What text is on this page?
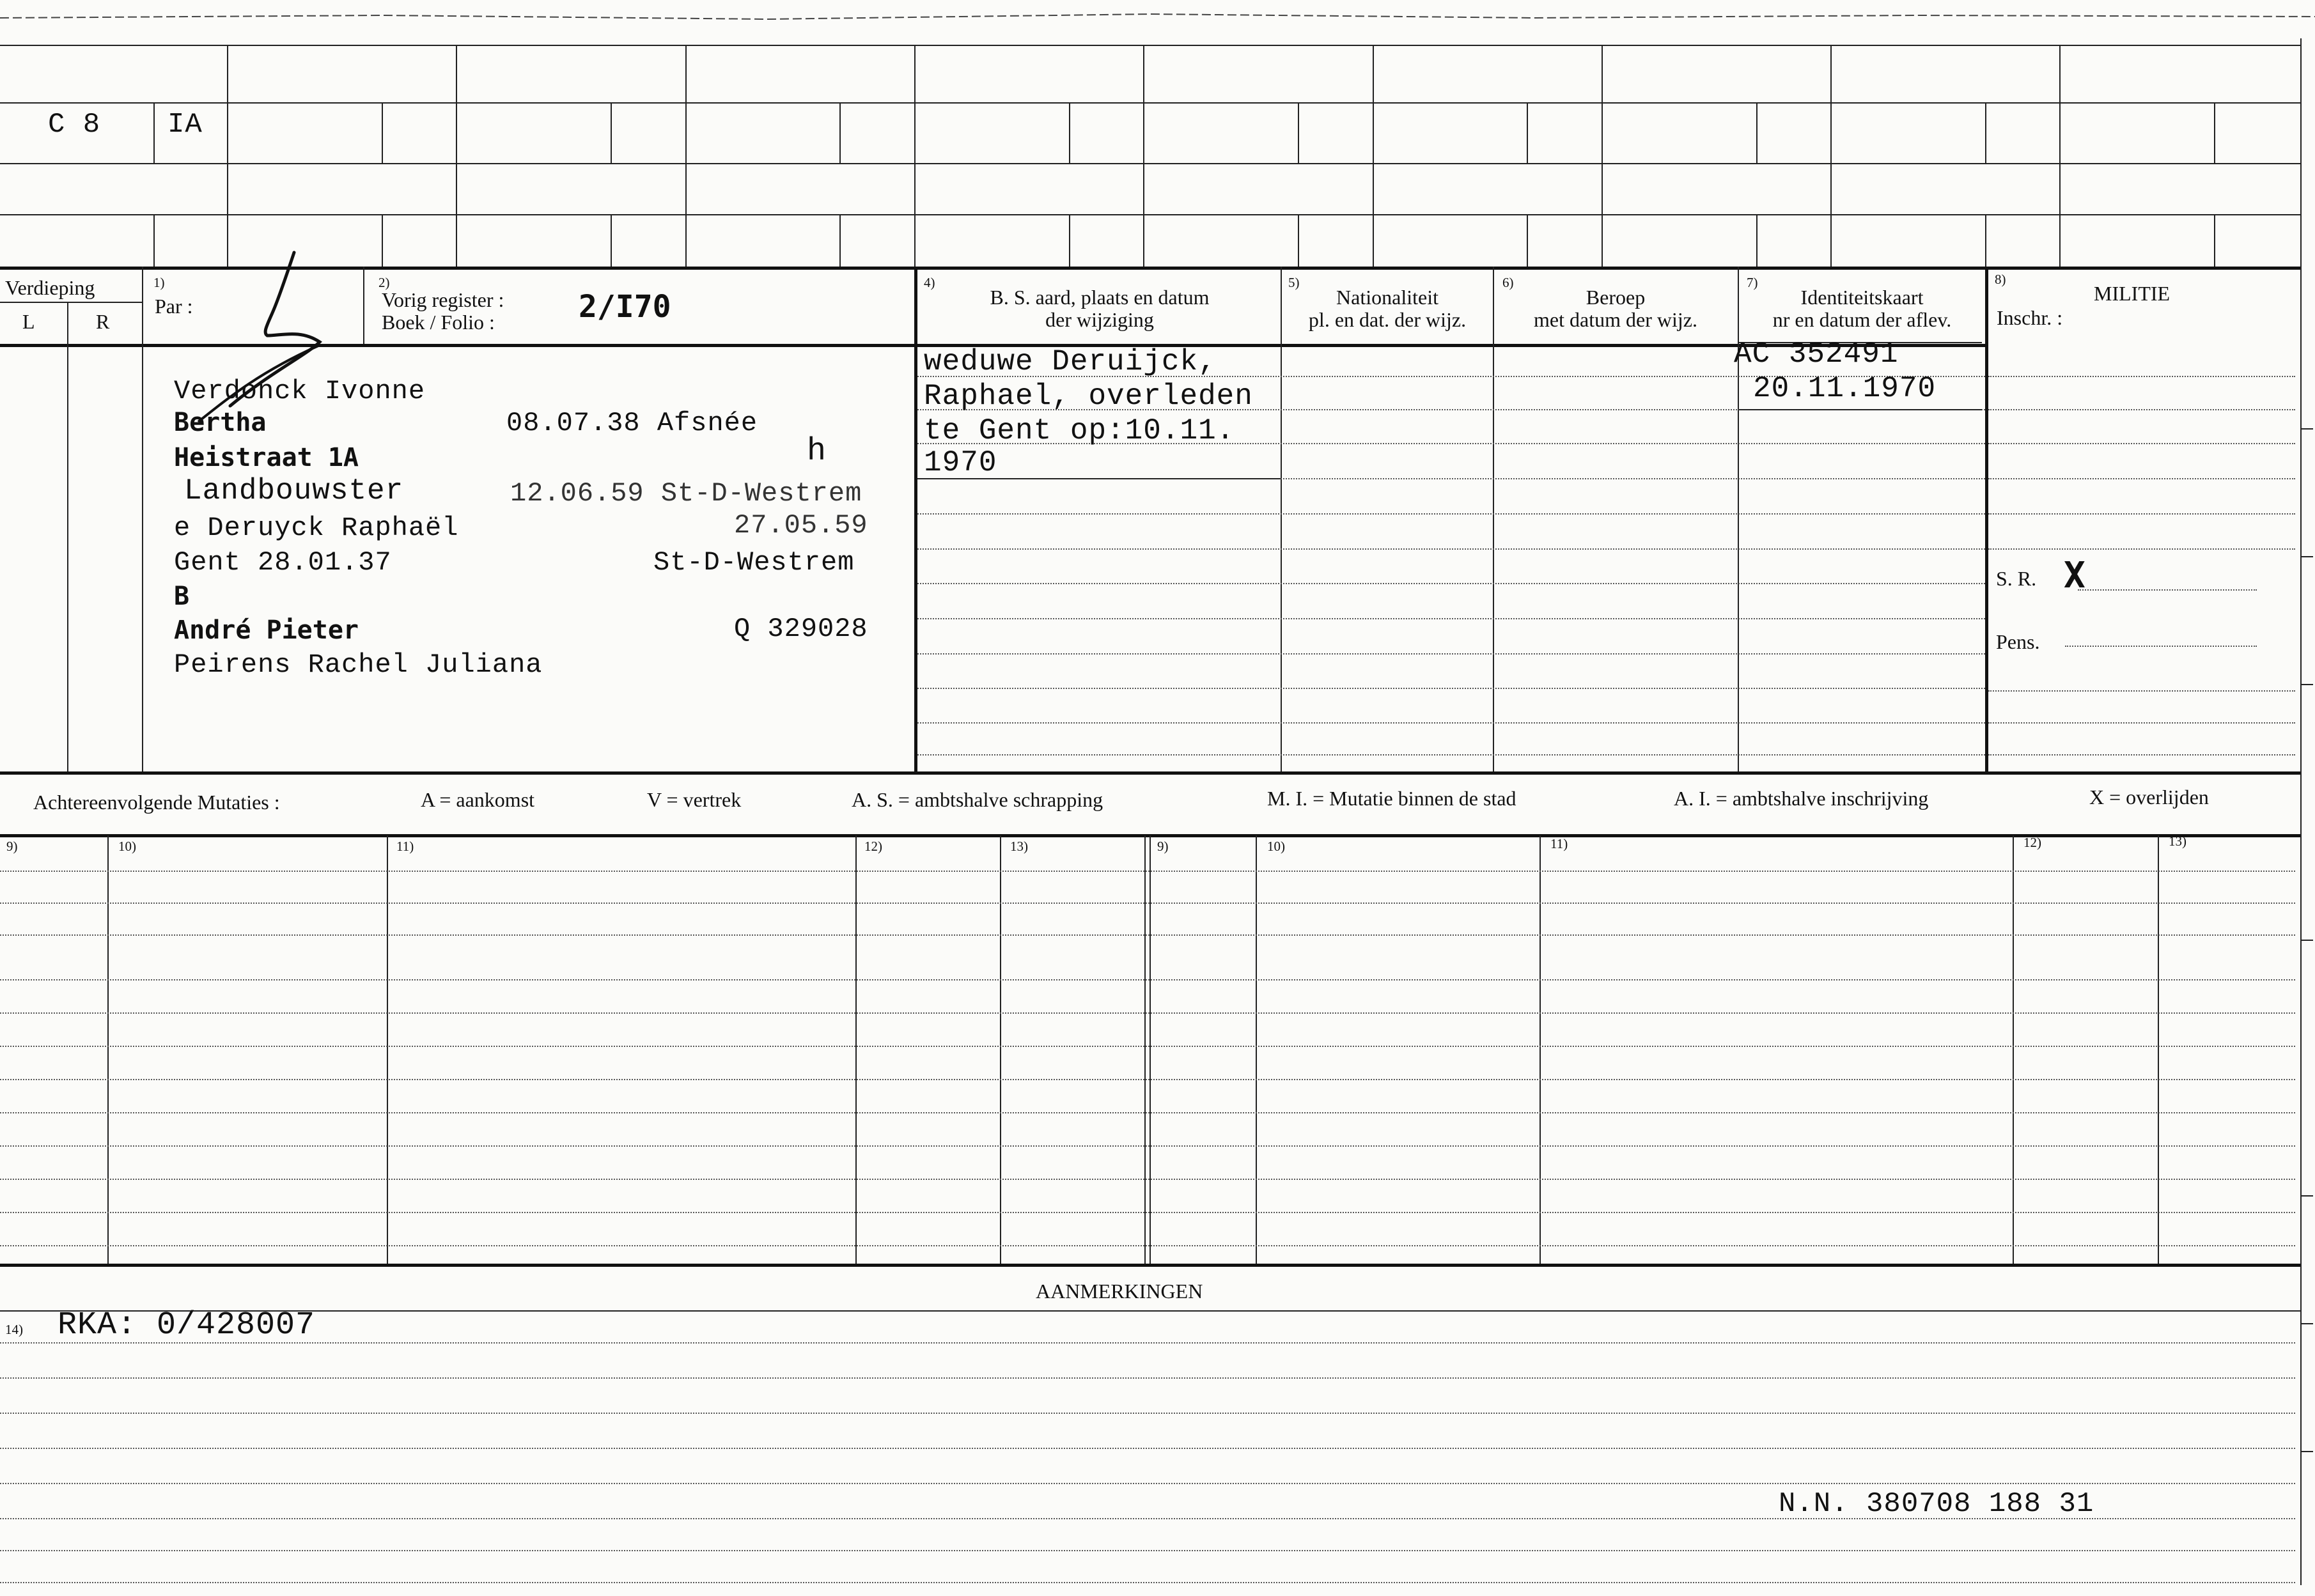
C 8 IA
Verdieping
L	R
1)
Par :
2)
Vorig register :
Boek / Folio :	2/I70
4)
B. S. aard, plaats en datum
der wijziging
5)
Nationaliteit
pl. en dat. der wijz.
6)
Beroep
met datum der wijz.
7)
Identiteitskaart
nr en datum der aflev.
8)
MILITIE
Inschr. :
Verdonck Ivonne
Bertha	08.07.38 Afsnée
Heistraat 1A	h
Landbouwster	12.06.59 St-D-Westrem
e Deruyck Raphaël	27.05.59
Gent 28.01.37	St-D-Westrem
B
André Pieter	Q 329028
Peirens Rachel Juliana
weduwe Deruijck,
Raphael, overleden
te Gent op:10.11.
1970
AC 352491
20.11.1970
S. R. X
Pens.
Achtereenvolgende Mutaties :	A = aankomst	V = vertrek	A. S. = ambtshalve schrapping	M. I. = Mutatie binnen de stad	A. I. = ambtshalve inschrijving	X = overlijden
9)	10)	11)	12)	13)	9)	10)	11)	12)	13)
AANMERKINGEN
14) RKA: 0/428007
N.N. 380708 188 31
